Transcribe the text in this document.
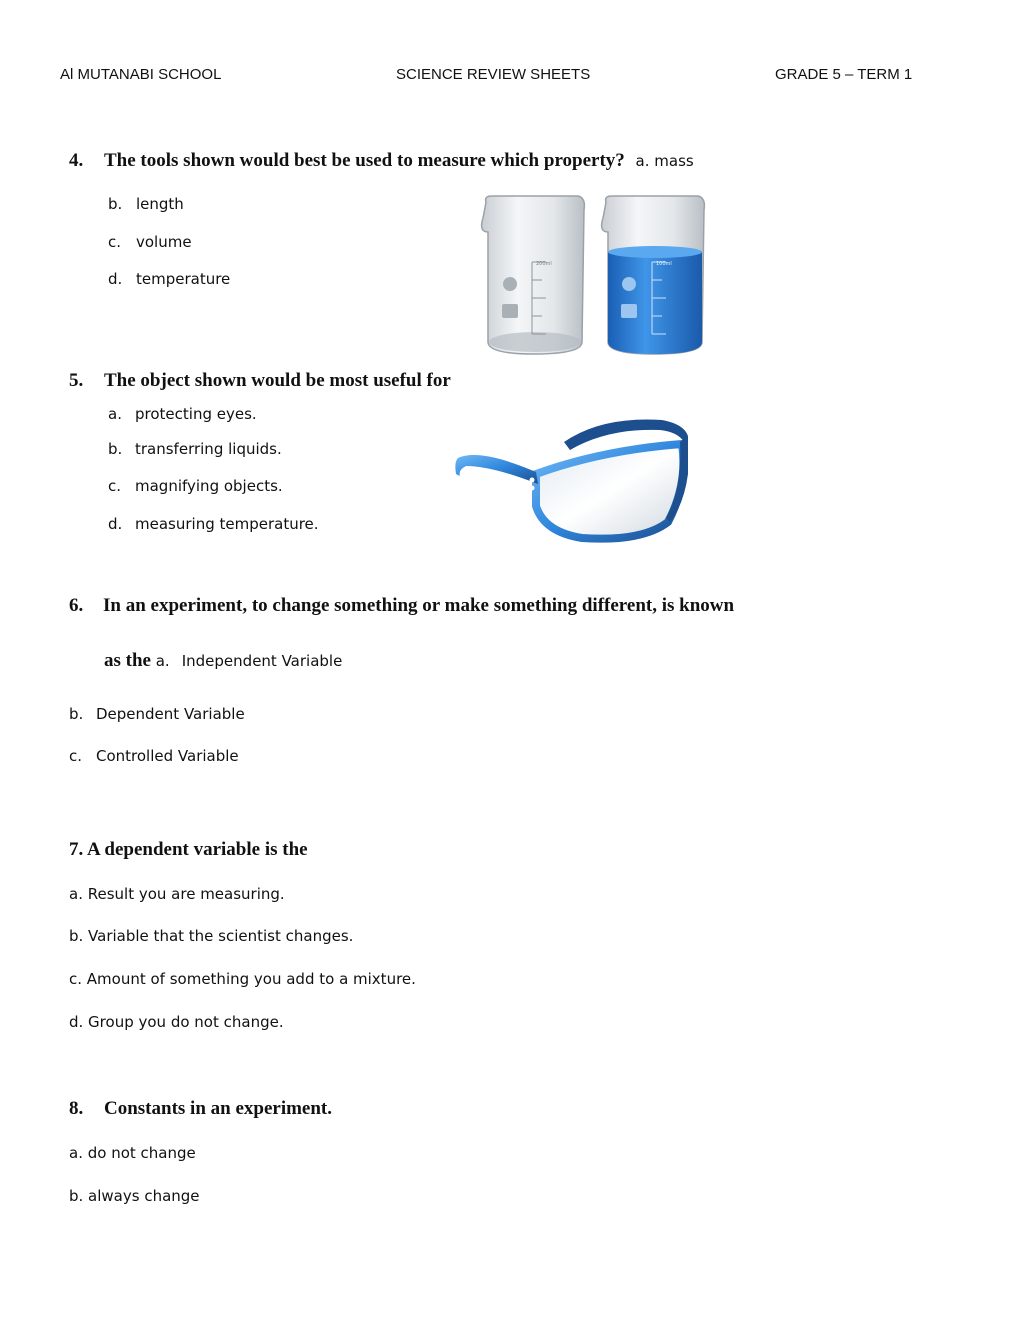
Al MUTANABI SCHOOL	SCIENCE REVIEW SHEETS	GRADE 5 – TERM 1
4. The tools shown would best be used to measure which property? a. mass
b. length
c. volume
d. temperature
100ml
200ml
5. The object shown would be most useful for
a. protecting eyes.
b. transferring liquids.
c. magnifying objects.
d. measuring temperature.
6. In an experiment, to change something or make something different, is known
as the a. Independent Variable
b. Dependent Variable
c. Controlled Variable
7. A dependent variable is the
a. Result you are measuring.
b. Variable that the scientist changes.
c. Amount of something you add to a mixture.
d. Group you do not change.
8. Constants in an experiment.
a. do not change
b. always change
